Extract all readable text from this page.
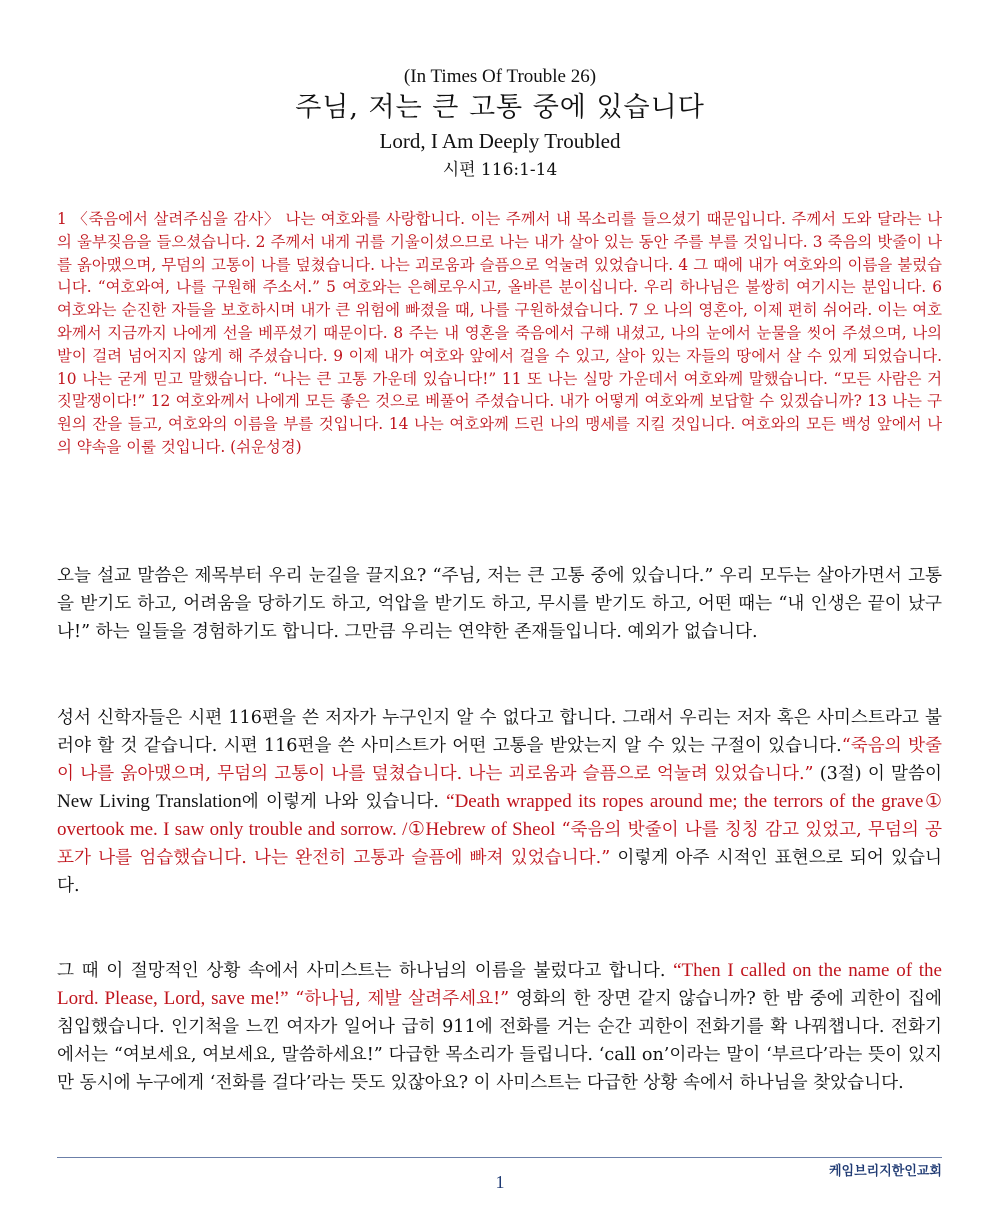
(In Times Of Trouble 26)
주님, 저는 큰 고통 중에 있습니다
Lord, I Am Deeply Troubled
시편 116:1-14

1 〈죽음에서 살려주심을 감사〉 나는 여호와를 사랑합니다. 이는 주께서 내 목소리를 들으셨기 때문입니다. 주께서 도와 달라는 나의 울부짖음을 들으셨습니다. 2 주께서 내게 귀를 기울이셨으므로 나는 내가 살아 있는 동안 주를 부를 것입니다. 3 죽음의 밧줄이 나를 옭아맸으며, 무덤의 고통이 나를 덮쳤습니다. 나는 괴로움과 슬픔으로 억눌려 있었습니다. 4 그 때에 내가 여호와의 이름을 불렀습니다. “여호와여, 나를 구원해 주소서.” 5 여호와는 은혜로우시고, 올바른 분이십니다. 우리 하나님은 불쌍히 여기시는 분입니다. 6 여호와는 순진한 자들을 보호하시며 내가 큰 위험에 빠졌을 때, 나를 구원하셨습니다. 7 오 나의 영혼아, 이제 편히 쉬어라. 이는 여호와께서 지금까지 나에게 선을 베푸셨기 때문이다. 8 주는 내 영혼을 죽음에서 구해 내셨고, 나의 눈에서 눈물을 씻어 주셨으며, 나의 발이 걸려 넘어지지 않게 해 주셨습니다. 9 이제 내가 여호와 앞에서 걸을 수 있고, 살아 있는 자들의 땅에서 살 수 있게 되었습니다. 10 나는 굳게 믿고 말했습니다. “나는 큰 고통 가운데 있습니다!” 11 또 나는 실망 가운데서 여호와께 말했습니다. “모든 사람은 거짓말쟁이다!” 12 여호와께서 나에게 모든 좋은 것으로 베풀어 주셨습니다. 내가 어떻게 여호와께 보답할 수 있겠습니까? 13 나는 구원의 잔을 들고, 여호와의 이름을 부를 것입니다. 14 나는 여호와께 드린 나의 맹세를 지킬 것입니다. 여호와의 모든 백성 앞에서 나의 약속을 이룰 것입니다. (쉬운성경)

오늘 설교 말씀은 제목부터 우리 눈길을 끌지요? “주님, 저는 큰 고통 중에 있습니다.” 우리 모두는 살아가면서 고통을 받기도 하고, 어려움을 당하기도 하고, 억압을 받기도 하고, 무시를 받기도 하고, 어떤 때는 “내 인생은 끝이 났구나!” 하는 일들을 경험하기도 합니다. 그만큼 우리는 연약한 존재들입니다. 예외가 없습니다.

성서 신학자들은 시편 116편을 쓴 저자가 누구인지 알 수 없다고 합니다. 그래서 우리는 저자 혹은 사미스트라고 불러야 할 것 같습니다. 시편 116편을 쓴 사미스트가 어떤 고통을 받았는지 알 수 있는 구절이 있습니다.“죽음의 밧줄이 나를 옭아맸으며, 무덤의 고통이 나를 덮쳤습니다. 나는 괴로움과 슬픔으로 억눌려 있었습니다.” (3절) 이 말씀이 New Living Translation에 이렇게 나와 있습니다. “Death wrapped its ropes around me; the terrors of the grave① overtook me. I saw only trouble and sorrow. /①Hebrew of Sheol “죽음의 밧줄이 나를 칭칭 감고 있었고, 무덤의 공포가 나를 엄습했습니다. 나는 완전히 고통과 슬픔에 빠져 있었습니다.” 이렇게 아주 시적인 표현으로 되어 있습니다.

그 때 이 절망적인 상황 속에서 사미스트는 하나님의 이름을 불렀다고 합니다. “Then I called on the name of the Lord. Please, Lord, save me!” “하나님, 제발 살려주세요!” 영화의 한 장면 같지 않습니까? 한 밤 중에 괴한이 집에 침입했습니다. 인기척을 느낀 여자가 일어나 급히 911에 전화를 거는 순간 괴한이 전화기를 확 나꿔챕니다. 전화기에서는 “여보세요, 여보세요, 말씀하세요!” 다급한 목소리가 들립니다. ‘call on’이라는 말이 ‘부르다’라는 뜻이 있지만 동시에 누구에게 ‘전화를 걸다’라는 뜻도 있잖아요? 이 사미스트는 다급한 상황 속에서 하나님을 찾았습니다.

케임브리지한인교회
1
